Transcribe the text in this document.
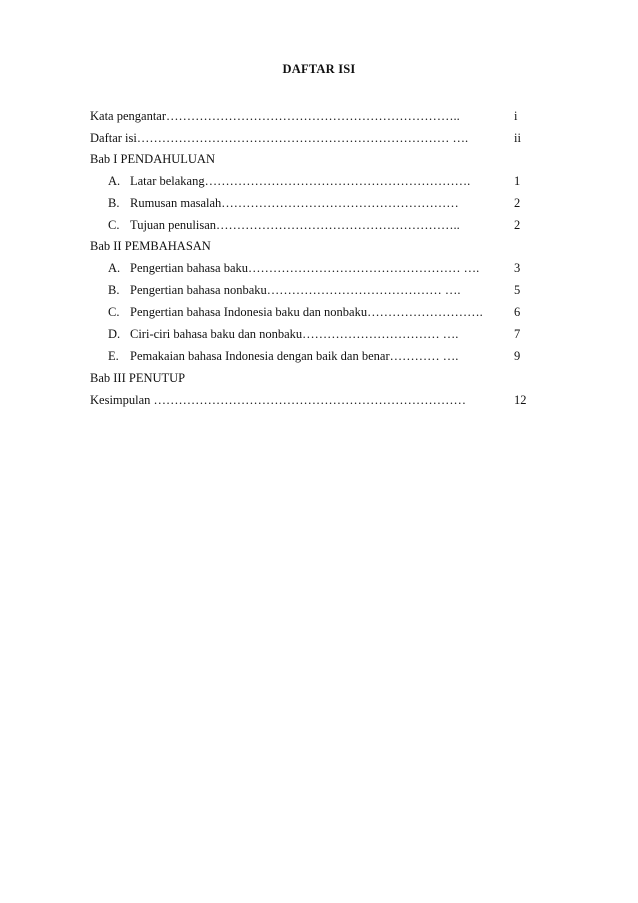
DAFTAR ISI
Kata pengantar……………………………………………………………..	i
Daftar isi………………………………………………………………… ….	ii
Bab I PENDAHULUAN
A. Latar belakang……………………………………………………….	1
B. Rumusan masalah…………………………………………………	2
C. Tujuan penulisan…………………………………………………..	2
Bab II PEMBAHASAN
A. Pengertian bahasa baku…………………………………………… ….	3
B. Pengertian bahasa nonbaku…………………………………… ….	5
C. Pengertian bahasa Indonesia baku dan nonbaku……………………….	6
D. Ciri-ciri bahasa baku dan nonbaku…………………………… ….	7
E. Pemakaian bahasa Indonesia dengan baik dan benar………… ….	9
Bab III PENUTUP
Kesimpulan …………………………………………………………………	12
